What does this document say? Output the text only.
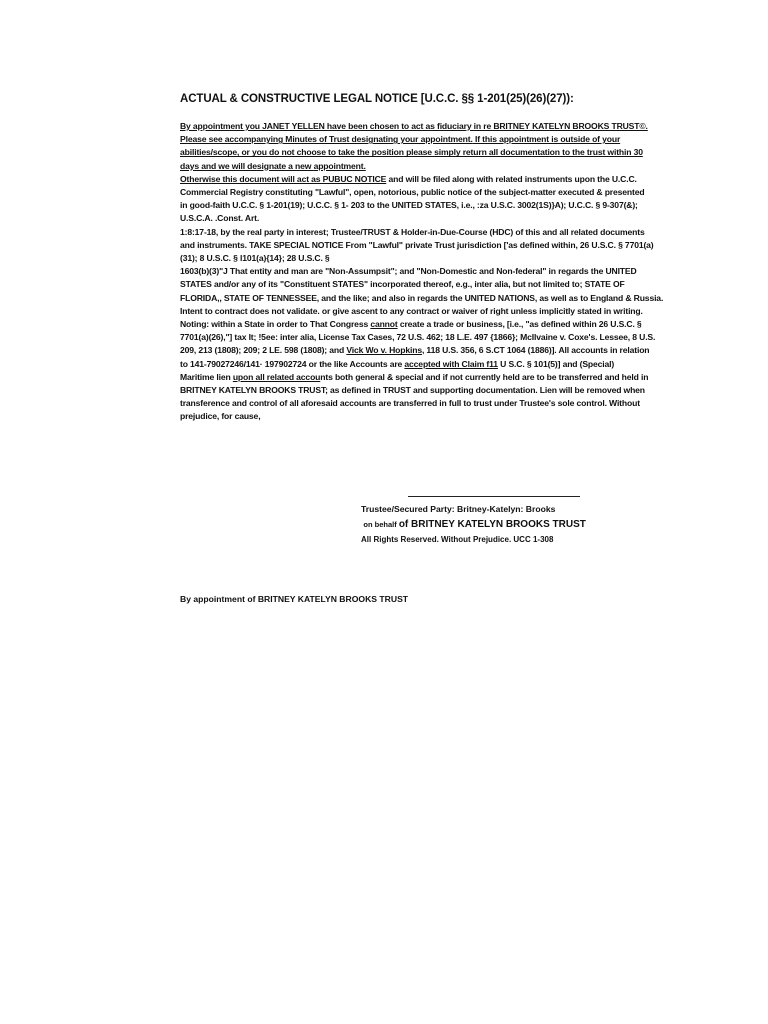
ACTUAL & CONSTRUCTIVE LEGAL NOTICE [U.C.C. §§ 1-201(25)(26)(27)):
By appointment you JANET YELLEN have been chosen to act as fiduciary in re BRITNEY KATELYN BROOKS TRUST©.
Please see accompanying Minutes of Trust designating your appointment. If this appointment is outside of your
abilities/scope, or you do not choose to take the position please simply return all documentation to the trust within 30
days and we will designate a new appointment.
Otherwise this document will act as PUBUC NOTICE and will be filed along with related instruments upon the U.C.C.
Commercial Registry constituting "Lawful", open, notorious, public notice of the subject-matter executed & presented
in good-faith U.C.C. § 1-201(19); U.C.C. § 1- 203 to the UNITED STATES, i.e., :za U.S.C. 3002(1S)}A); U.C.C. § 9-307(&);
U.S.C.A. .Const. Art.
1:8:17-18, by the real party in interest; Trustee/TRUST & Holder-in-Due-Course (HDC) of this and all related documents
and instruments. TAKE SPECIAL NOTICE From "Lawful" private Trust jurisdiction ['as defined within, 26 U.S.C. § 7701(a)
(31); 8 U.S.C. § l101(a){14}; 28 U.S.C. §
1603(b)(3)"J That entity and man are "Non-Assumpsit"; and "Non-Domestic and Non-federal" in regards the UNITED
STATES and/or any of its "Constituent STATES" incorporated thereof, e.g., inter alia, but not limited to; STATE OF
FLORIDA,, STATE OF TENNESSEE, and the like; and also in regards the UNITED NATIONS, as well as to England & Russia.
Intent to contract does not validate. or give ascent to any contract or waiver of right unless implicitly stated in writing.
Noting: within a State in order to That Congress cannot create a trade or business, [i.e., "as defined within 26 U.S.C. §
7701(a)(26),"] tax It; !5ee: inter alia, License Tax Cases, 72 U.S. 462; 18 L.E. 497 {1866}; McIlvaine v. Coxe's. Lessee, 8 U.S.
209, 213 (1808); 209; 2 LE. 598 (1808); and Vick Wo v. Hopkins, 118 U.S. 356, 6 S.CT 1064 (1886)]. All accounts in relation
to 141-79027246/141· 197902724 or the like Accounts are accepted with Claim f11 U S.C. § 101(5)] and (Special)
Maritime lien upon all related accounts both general & special and if not currently held are to be transferred and held in
BRITNEY KATELYN BROOKS TRUST; as defined in TRUST and supporting documentation. Lien will be removed when
transference and control of all aforesaid accounts are transferred in full to trust under Trustee's sole control. Without
prejudice, for cause,
Trustee/Secured Party: Britney-Katelyn: Brooks
on behalf of BRITNEY KATELYN BROOKS TRUST
All Rights Reserved. Without Prejudice. UCC 1-308
By appointment of BRITNEY KATELYN BROOKS TRUST
